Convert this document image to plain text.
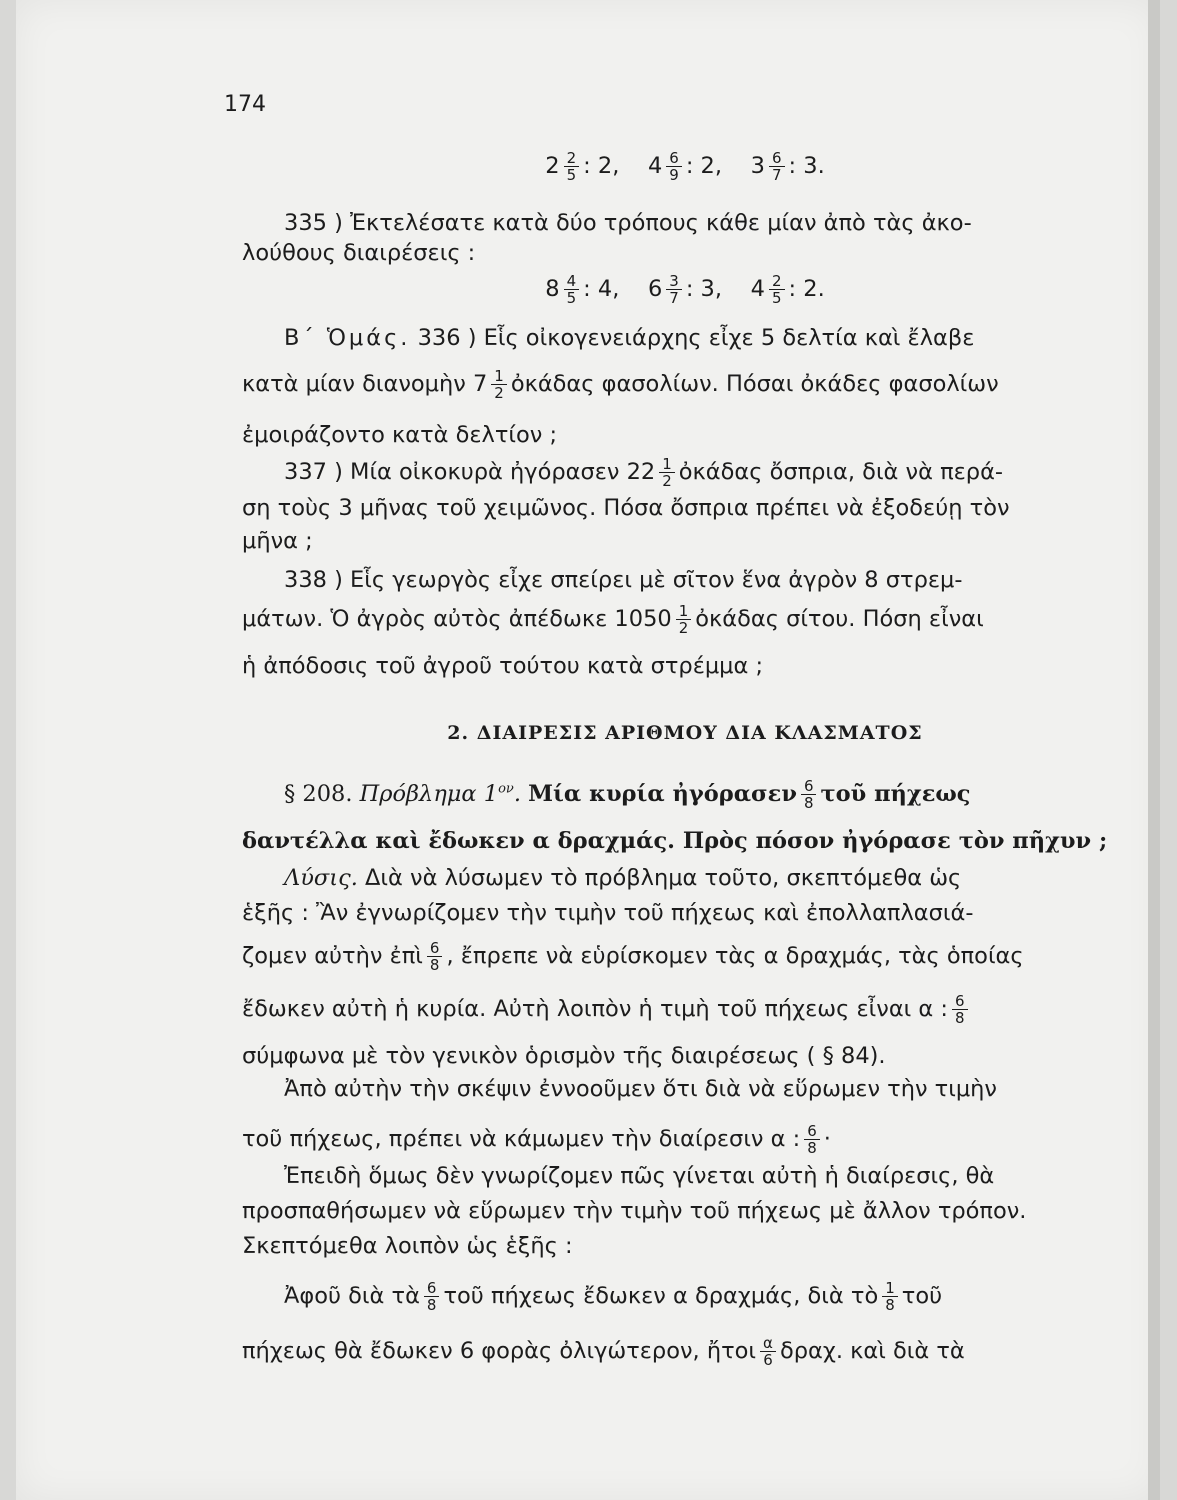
174
$2 \frac{2}{5}$ : 2, $4 \frac{6}{9}$ : 2, $3 \frac{6}{7}$ : 3.
335 ) Ἐκτελέσατε κατὰ δύο τρόπους κάθε μίαν ἀπὸ τὰς ἀκο-
λούθους διαιρέσεις :
$8 \frac{4}{5}$ : 4, $6 \frac{3}{7}$ : 3, $4 \frac{2}{5}$ : 2.
Β΄ Ὁμάς. 336 ) Εἷς οἰκογενειάρχης εἶχε 5 δελτία καὶ ἔλαβε
κατὰ μίαν διανομὴν $7 \frac{1}{2}$ ὀκάδας φασολίων. Πόσαι ὀκάδες φασολίων
ἐμοιράζοντο κατὰ δελτίον ;
337 ) Μία οἰκοκυρὰ ἠγόρασεν $22 \frac{1}{2}$ ὀκάδας ὄσπρια, διὰ νὰ περά-
ση τοὺς 3 μῆνας τοῦ χειμῶνος. Πόσα ὄσπρια πρέπει νὰ ἐξοδεύῃ τὸν
μῆνα ;
338 ) Εἷς γεωργὸς εἶχε σπείρει μὲ σῖτον ἕνα ἀγρὸν 8 στρεμ-
μάτων. Ὁ ἀγρὸς αὐτὸς ἀπέδωκε $1050 \frac{1}{2}$ ὀκάδας σίτου. Πόση εἶναι
ἡ ἀπόδοσις τοῦ ἀγροῦ τούτου κατὰ στρέμμα ;
2. ΔΙΑΙΡΕΣΙΣ ΑΡΙΘΜΟΥ ΔΙΑ ΚΛΑΣΜΑΤΟΣ
§ 208. Πρόβλημα $1^{o\nu}$. Μία κυρία ἠγόρασεν $\frac{6}{8}$ τοῦ πήχεως
δαντέλλα καὶ ἔδωκεν α δραχμάς. Πρὸς πόσον ἠγόρασε τὸν πῆχυν ;
Λύσις. Διὰ νὰ λύσωμεν τὸ πρόβλημα τοῦτο, σκεπτόμεθα ὡς
ἑξῆς : Ἂν ἐγνωρίζομεν τὴν τιμὴν τοῦ πήχεως καὶ ἐπολλαπλασιά-
ζομεν αὐτὴν ἐπὶ $\frac{6}{8}$ , ἔπρεπε νὰ εὑρίσκομεν τὰς α δραχμάς, τὰς ὁποίας
ἔδωκεν αὐτὴ ἡ κυρία. Αὐτὴ λοιπὸν ἡ τιμὴ τοῦ πήχεως εἶναι α : $\frac{6}{8}$
σύμφωνα μὲ τὸν γενικὸν ὁρισμὸν τῆς διαιρέσεως ( § 84).
Ἀπὸ αὐτὴν τὴν σκέψιν ἐννοοῦμεν ὅτι διὰ νὰ εὕρωμεν τὴν τιμὴν
τοῦ πήχεως, πρέπει νὰ κάμωμεν τὴν διαίρεσιν α : $\frac{6}{8}$ ·
Ἐπειδὴ ὅμως δὲν γνωρίζομεν πῶς γίνεται αὐτὴ ἡ διαίρεσις, θὰ
προσπαθήσωμεν νὰ εὕρωμεν τὴν τιμὴν τοῦ πήχεως μὲ ἄλλον τρόπον.
Σκεπτόμεθα λοιπὸν ὡς ἑξῆς :
Ἀφοῦ διὰ τὰ $\frac{6}{8}$ τοῦ πήχεως ἔδωκεν α δραχμάς, διὰ τὸ $\frac{1}{8}$ τοῦ
πήχεως θὰ ἔδωκεν 6 φορὰς ὀλιγώτερον, ἤτοι $\frac{\alpha}{6} \delta\rho\alpha\chi$. καὶ διὰ τὰ
